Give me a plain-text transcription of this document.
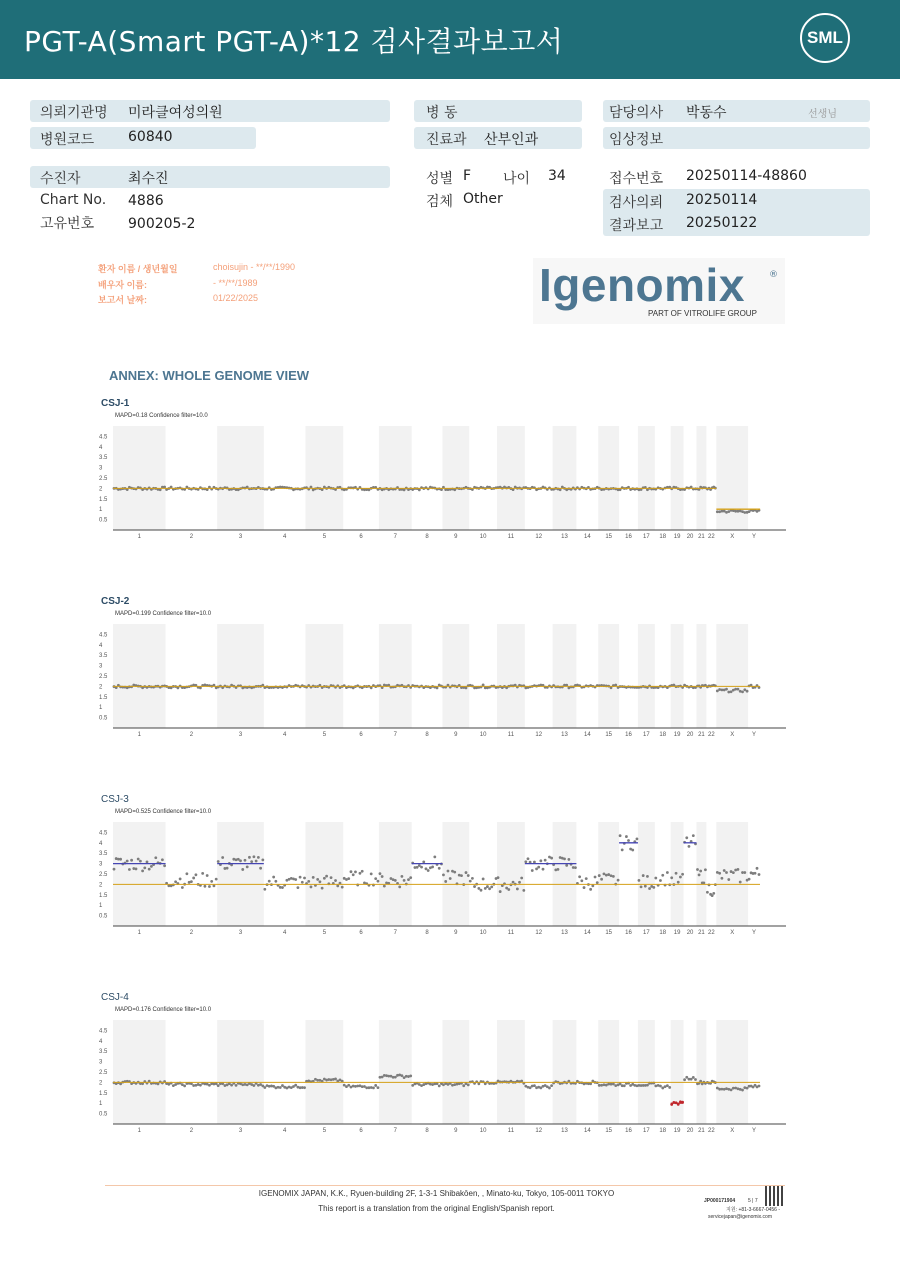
PGT-A(Smart PGT-A)*12 검사결과보고서	SML
의뢰기관명 미라클여성의원
병원코드 60840
병 동
진료과 산부인과
담당의사 박동수	선생님
임상정보
수진자	최수진
Chart No. 4886
고유번호 900205-2
성별 F 나이 34
검체 Other
접수번호 20250114-48860
검사의뢰 20250114
결과보고 20250122
환자 이름 / 생년월일	choisujin - **/**/1990
배우자 이름:	- **/**/1989
보고서 날짜:	01/22/2025	Igenomix	®
PART OF VITROLIFE GROUP
ANNEX: WHOLE GENOME VIEW
CSJ-1
MAPD=0.18 Confidence filter=10.0
4.5
4
3.5
3
2.5
2
1.5
1
0.5
1	2	3	4	5	6	7	8	9	10	11	12	13	14 15 16 17 18 19 20 21 22	X	Y
CSJ-2
MAPD=0.199 Confidence filter=10.0
4.5
4
3.5
3
2.5
2
1.5
1
0.5
1	2	3	4	5	6	7	8	9	10	11	12	13	14 15 16 17 18 19 20 21 22	X	Y
CSJ-3
MAPD=0.525 Confidence filter=10.0
4.5
4
3.5
3
2.5
2
1.5
1
0.5
1	2	3	4	5	6	7	8	9	10	11	12	13	14 15 16 17 18 19 20 21 22	X	Y
CSJ-4
MAPD=0.176 Confidence filter=10.0
4.5
4
3.5
3
2.5
2
1.5
1
0.5
1	2	3	4	5	6	7	8	9	10	11	12	13	14 15 16 17 18 19 20 21 22	X	Y
IGENOMIX JAPAN, K.K., Ryuen-building 2F, 1-3-1 Shibakōen, , Minato-ku, Tokyo, 105-0011 TOKYO
This report is a translation from the original English/Spanish report.
JP000171904	5 | 7
지원: +81-3-6667-0456 -
servicejapan@igenomix.com
